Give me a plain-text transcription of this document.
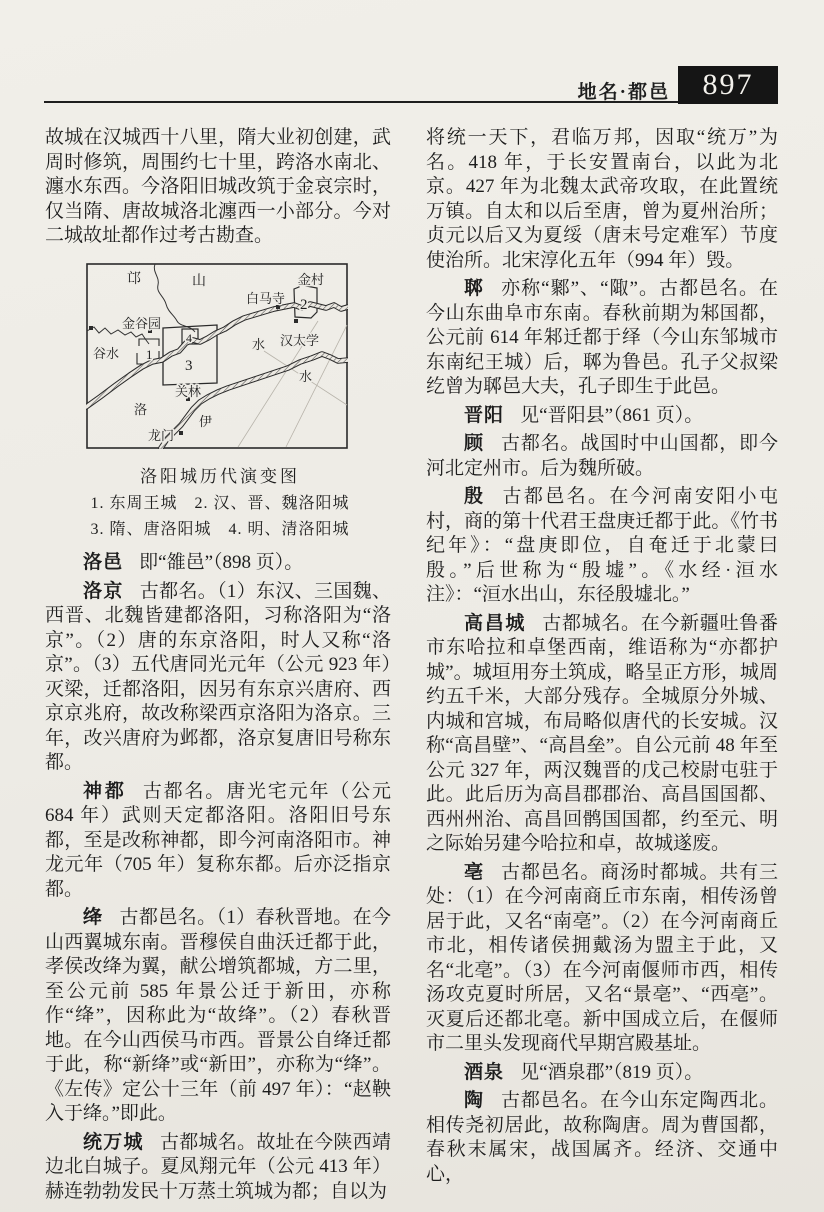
地名·都邑 897

故城在汉城西十八里，隋大业初创建，武周时修筑，周围约七十里，跨洛水南北、瀍水东西。今洛阳旧城改筑于金哀宗时，仅当隋、唐故城洛北瀍西一小部分。今对二城故址都作过考古勘查。

邙	山	金村
白马寺
金谷园
谷水
汉太学
关林
龙门
洛
水
伊
水
1
2
3
4
洛阳城历代演变图
1. 东周王城　2. 汉、晋、魏洛阳城
3. 隋、唐洛阳城　4. 明、清洛阳城

洛邑 即“雒邑”（898 页）。

洛京 古都名。（1）东汉、三国魏、西晋、北魏皆建都洛阳，习称洛阳为“洛京”。（2）唐的东京洛阳，时人又称“洛京”。（3）五代唐同光元年（公元 923 年）灭梁，迁都洛阳，因另有东京兴唐府、西京京兆府，故改称梁西京洛阳为洛京。三年，改兴唐府为邺都，洛京复唐旧号称东都。

神都 古都名。唐光宅元年（公元 684 年）武则天定都洛阳。洛阳旧号东都，至是改称神都，即今河南洛阳市。神龙元年（705 年）复称东都。后亦泛指京都。

绛 古都邑名。（1）春秋晋地。在今山西翼城东南。晋穆侯自曲沃迁都于此，孝侯改绛为翼，献公增筑都城，方二里，至公元前 585 年景公迁于新田，亦称作“绛”，因称此为“故绛”。（2）春秋晋地。在今山西侯马市西。晋景公自绛迁都于此，称“新绛”或“新田”，亦称为“绛”。《左传》定公十三年（前 497 年）：“赵鞅入于绛。”即此。

统万城 古都城名。故址在今陕西靖边北白城子。夏凤翔元年（公元 413 年）赫连勃勃发民十万蒸土筑城为都；自以为

将统一天下，君临万邦，因取“统万”为名。418 年，于长安置南台，以此为北京。427 年为北魏太武帝攻取，在此置统万镇。自太和以后至唐，曾为夏州治所；贞元以后又为夏绥（唐末号定难军）节度使治所。北宋淳化五年（994 年）毁。

郰 亦称“鄹”、“陬”。古都邑名。在今山东曲阜市东南。春秋前期为邾国都，公元前 614 年邾迁都于绎（今山东邹城市东南纪王城）后，郰为鲁邑。孔子父叔梁纥曾为郰邑大夫，孔子即生于此邑。

晋阳 见“晋阳县”（861 页）。

顾 古都名。战国时中山国都，即今河北定州市。后为魏所破。

殷 古都邑名。在今河南安阳小屯村，商的第十代君王盘庚迁都于此。《竹书纪年》：“盘庚即位，自奄迁于北蒙曰殷。”后世称为“殷墟”。《水经·洹水注》：“洹水出山，东径殷墟北。”

高昌城 古都城名。在今新疆吐鲁番市东哈拉和卓堡西南，维语称为“亦都护城”。城垣用夯土筑成，略呈正方形，城周约五千米，大部分残存。全城原分外城、内城和宫城，布局略似唐代的长安城。汉称“高昌壁”、“高昌垒”。自公元前 48 年至公元 327 年，两汉魏晋的戊己校尉屯驻于此。此后历为高昌郡郡治、高昌国国都、西州州治、高昌回鹘国国都，约至元、明之际始另建今哈拉和卓，故城遂废。

亳 古都邑名。商汤时都城。共有三处：（1）在今河南商丘市东南，相传汤曾居于此，又名“南亳”。（2）在今河南商丘市北，相传诸侯拥戴汤为盟主于此，又名“北亳”。（3）在今河南偃师市西，相传汤攻克夏时所居，又名“景亳”、“西亳”。灭夏后还都北亳。新中国成立后，在偃师市二里头发现商代早期宫殿基址。

酒泉 见“酒泉郡”（819 页）。

陶 古都邑名。在今山东定陶西北。相传尧初居此，故称陶唐。周为曹国都，春秋末属宋，战国属齐。经济、交通中心，
